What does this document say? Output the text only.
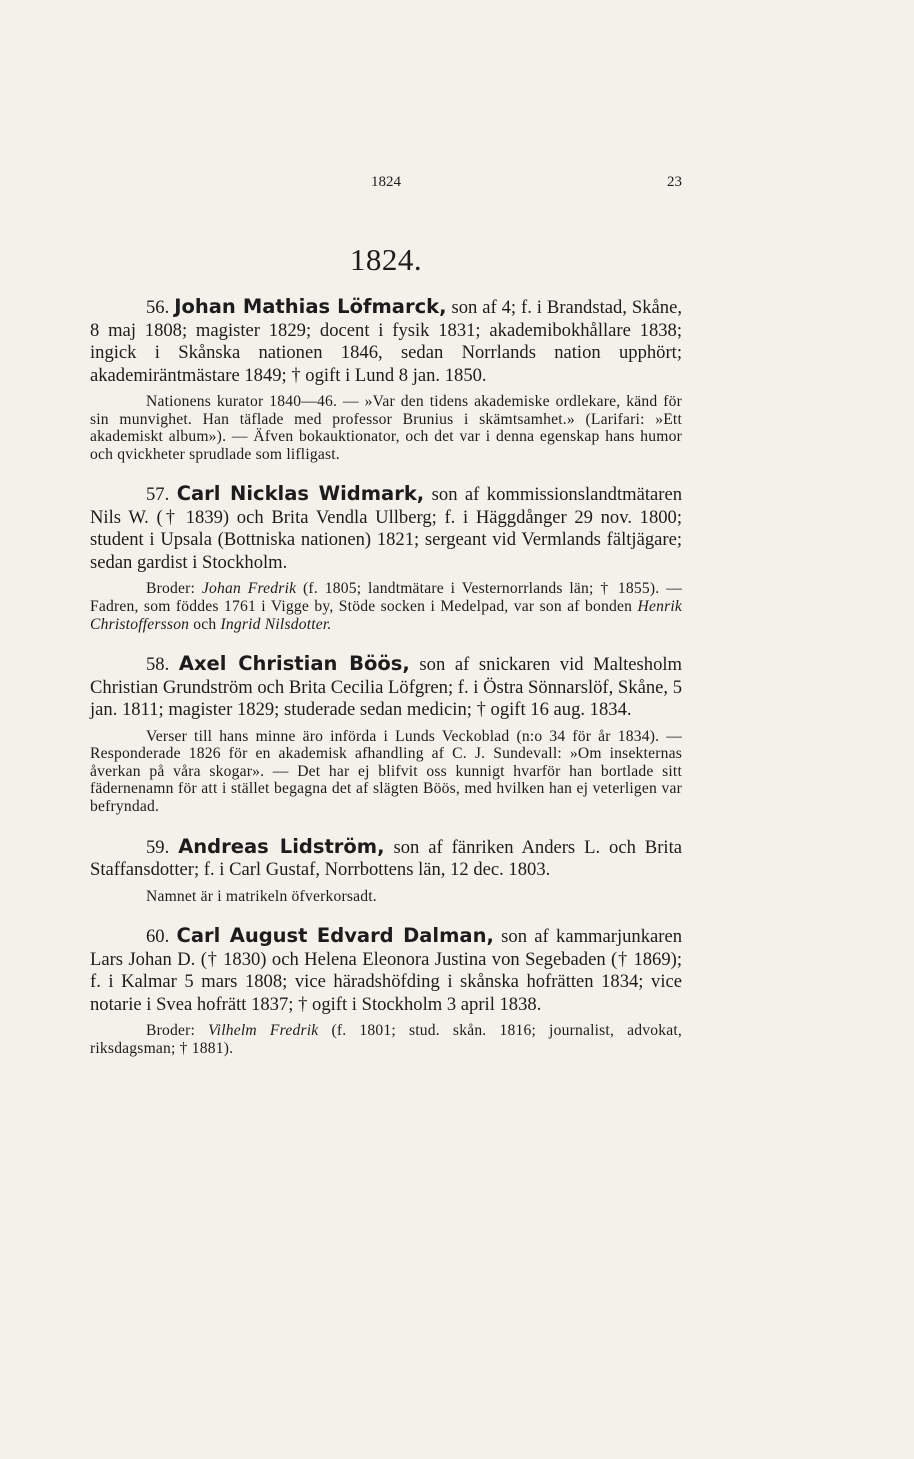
1824	23
1824.

56. Johan Mathias Löfmarck, son af 4; f. i Brandstad, Skåne, 8 maj 1808; magister 1829; docent i fysik 1831; akademibokhållare 1838; ingick i Skånska nationen 1846, sedan Norrlands nation upphört; akademiräntmästare 1849; † ogift i Lund 8 jan. 1850.

Nationens kurator 1840—46. — »Var den tidens akademiske ordlekare, känd för sin munvighet. Han täflade med professor Brunius i skämtsamhet.» (Larifari: »Ett akademiskt album»). — Äfven bokauktionator, och det var i denna egenskap hans humor och qvickheter sprudlade som lifligast.

57. Carl Nicklas Widmark, son af kommissionslandtmätaren Nils W. († 1839) och Brita Vendla Ullberg; f. i Häggdånger 29 nov. 1800; student i Upsala (Bottniska nationen) 1821; sergeant vid Vermlands fältjägare; sedan gardist i Stockholm.

Broder: Johan Fredrik (f. 1805; landtmätare i Vesternorrlands län; † 1855). — Fadren, som föddes 1761 i Vigge by, Stöde socken i Medelpad, var son af bonden Henrik Christoffersson och Ingrid Nilsdotter.

58. Axel Christian Böös, son af snickaren vid Maltesholm Christian Grundström och Brita Cecilia Löfgren; f. i Östra Sönnarslöf, Skåne, 5 jan. 1811; magister 1829; studerade sedan medicin; † ogift 16 aug. 1834.

Verser till hans minne äro införda i Lunds Veckoblad (n:o 34 för år 1834). — Responderade 1826 för en akademisk afhandling af C. J. Sundevall: »Om insekternas åverkan på våra skogar». — Det har ej blifvit oss kunnigt hvarför han bortlade sitt fädernenamn för att i stället begagna det af slägten Böös, med hvilken han ej veterligen var befryndad.

59. Andreas Lidström, son af fänriken Anders L. och Brita Staffansdotter; f. i Carl Gustaf, Norrbottens län, 12 dec. 1803.

Namnet är i matrikeln öfverkorsadt.

60. Carl August Edvard Dalman, son af kammarjunkaren Lars Johan D. († 1830) och Helena Eleonora Justina von Segebaden († 1869); f. i Kalmar 5 mars 1808; vice häradshöfding i skånska hofrätten 1834; vice notarie i Svea hofrätt 1837; † ogift i Stockholm 3 april 1838.

Broder: Vilhelm Fredrik (f. 1801; stud. skån. 1816; journalist, advokat, riksdagsman; † 1881).
